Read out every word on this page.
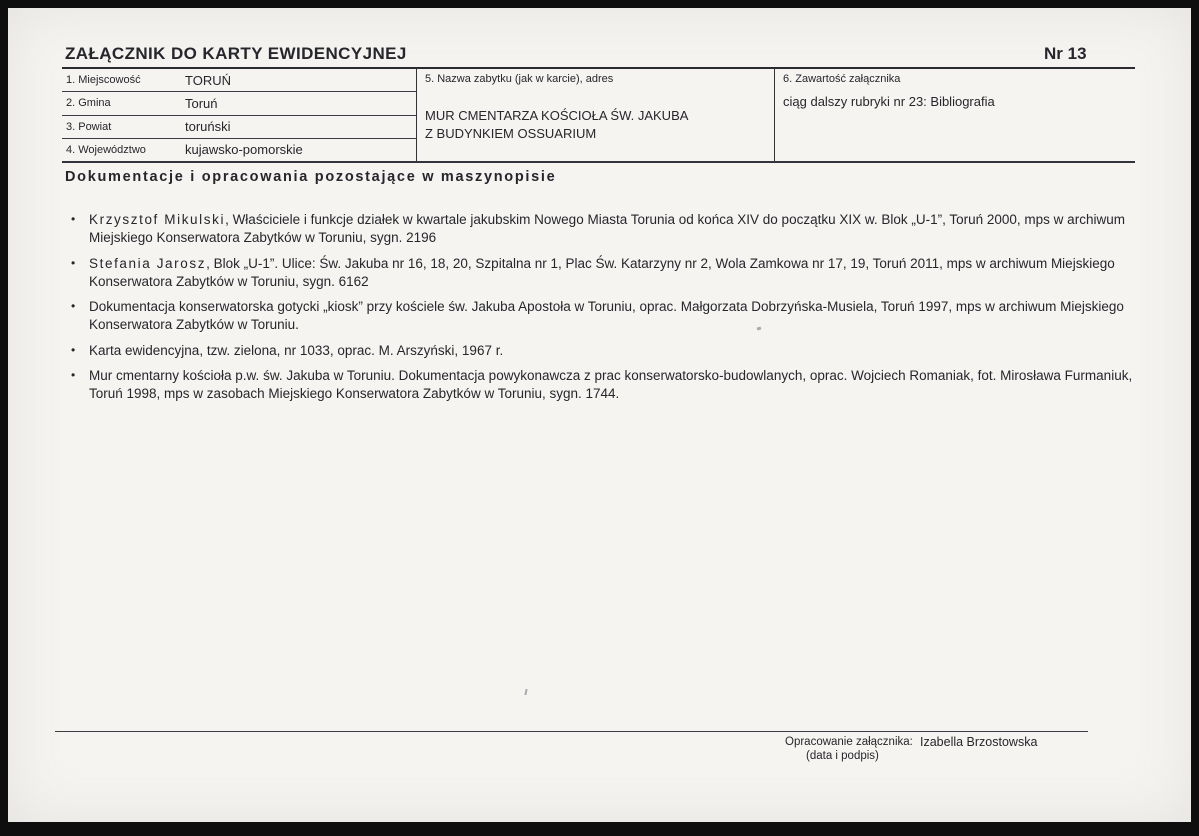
ZAŁĄCZNIK DO KARTY EWIDENCYJNEJ	Nr 13
1. Miejscowość	TORUŃ
2. Gmina	Toruń
3. Powiat	toruński
4. Województwo	kujawsko-pomorskie
5. Nazwa zabytku (jak w karcie), adres
MUR CMENTARZA KOŚCIOŁA ŚW. JAKUBA
Z BUDYNKIEM OSSUARIUM
6. Zawartość załącznika
ciąg dalszy rubryki nr 23: Bibliografia
Dokumentacje i opracowania pozostające w maszynopisie
• Krzysztof Mikulski, Właściciele i funkcje działek w kwartale jakubskim Nowego Miasta Torunia od końca XIV do początku XIX w. Blok „U-1”, Toruń 2000, mps w archiwum Miejskiego Konserwatora Zabytków w Toruniu, sygn. 2196
• Stefania Jarosz, Blok „U-1”. Ulice: Św. Jakuba nr 16, 18, 20, Szpitalna nr 1, Plac Św. Katarzyny nr 2, Wola Zamkowa nr 17, 19, Toruń 2011, mps w archiwum Miejskiego Konserwatora Zabytków w Toruniu, sygn. 6162
• Dokumentacja konserwatorska gotycki „kiosk” przy kościele św. Jakuba Apostoła w Toruniu, oprac. Małgorzata Dobrzyńska-Musiela, Toruń 1997, mps w archiwum Miejskiego Konserwatora Zabytków w Toruniu.
• Karta ewidencyjna, tzw. zielona, nr 1033, oprac. M. Arszyński, 1967 r.
• Mur cmentarny kościoła p.w. św. Jakuba w Toruniu. Dokumentacja powykonawcza z prac konserwatorsko-budowlanych, oprac. Wojciech Romaniak, fot. Mirosława Furmaniuk, Toruń 1998, mps w zasobach Miejskiego Konserwatora Zabytków w Toruniu, sygn. 1744.
Opracowanie załącznika:
(data i podpis)
Izabella Brzostowska
